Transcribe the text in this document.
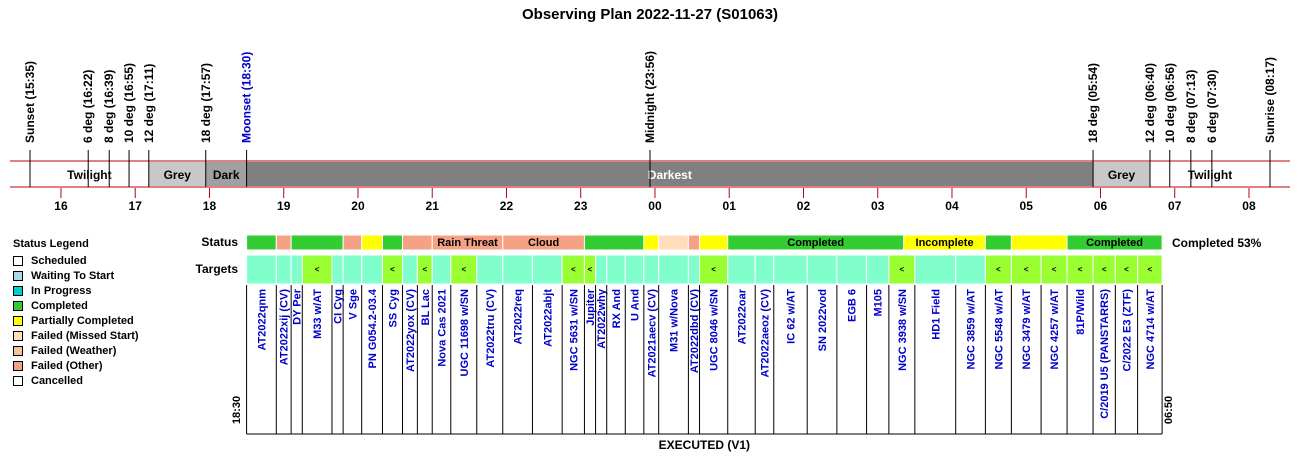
Observing Plan 2022-11-27 (S01063)
Twilight	Grey Dark	Darkest	Grey	Twilight
Sunset (15:35)	6 deg (16:22) 8 deg (16:39) 10 deg (16:55) 12 deg (17:11)	18 deg (17:57) Moonset (18:30)	Midnight (23:56)	18 deg (05:54)	12 deg (06:40) 10 deg (06:56) 8 deg (07:13) 6 deg (07:30)	Sunrise (08:17)
16	17	18	19	20	21	22	23	00	01	02	03	04	05	06	07	08
Status
Targets
Completed 53%
Rain Threat	Cloud	Completed	Incomplete	Completed
AT2022qnm AT2022xij (CV) DY Per
<
M33 w/AT CI Cyg V Sge PN G054.2-03.4
<
SS Cyg AT2022yox (CV)
<
BL Lac Nova Cas 2021
<
UGC 11698 w/SN AT2022tru (CV) AT2022req AT2022abjt
<
NGC 5631 w/SN
<
Jupiter AT2022why RX And U And AT2021aecv (CV) M31 w/Nova AT2022dbd (CV)
<
UGC 8046 w/SN AT2022oar AT2022aeoz (CV) IC 62 w/AT SN 2022vod EGB 6 M105
<
NGC 3938 w/SN HD1 Field NGC 3859 w/AT
<
NGC 5548 w/AT
<
NGC 3479 w/AT
<
NGC 4257 w/AT
<
81P/Wild
<
C/2019 U5 (PANSTARRS)
<
C/2022 E3 (ZTF)
<
NGC 4714 w/AT
18:30	06:50
EXECUTED (V1)
Status Legend
Scheduled
Waiting To Start
In Progress
Completed
Partially Completed
Failed (Missed Start)
Failed (Weather)
Failed (Other)
Cancelled
